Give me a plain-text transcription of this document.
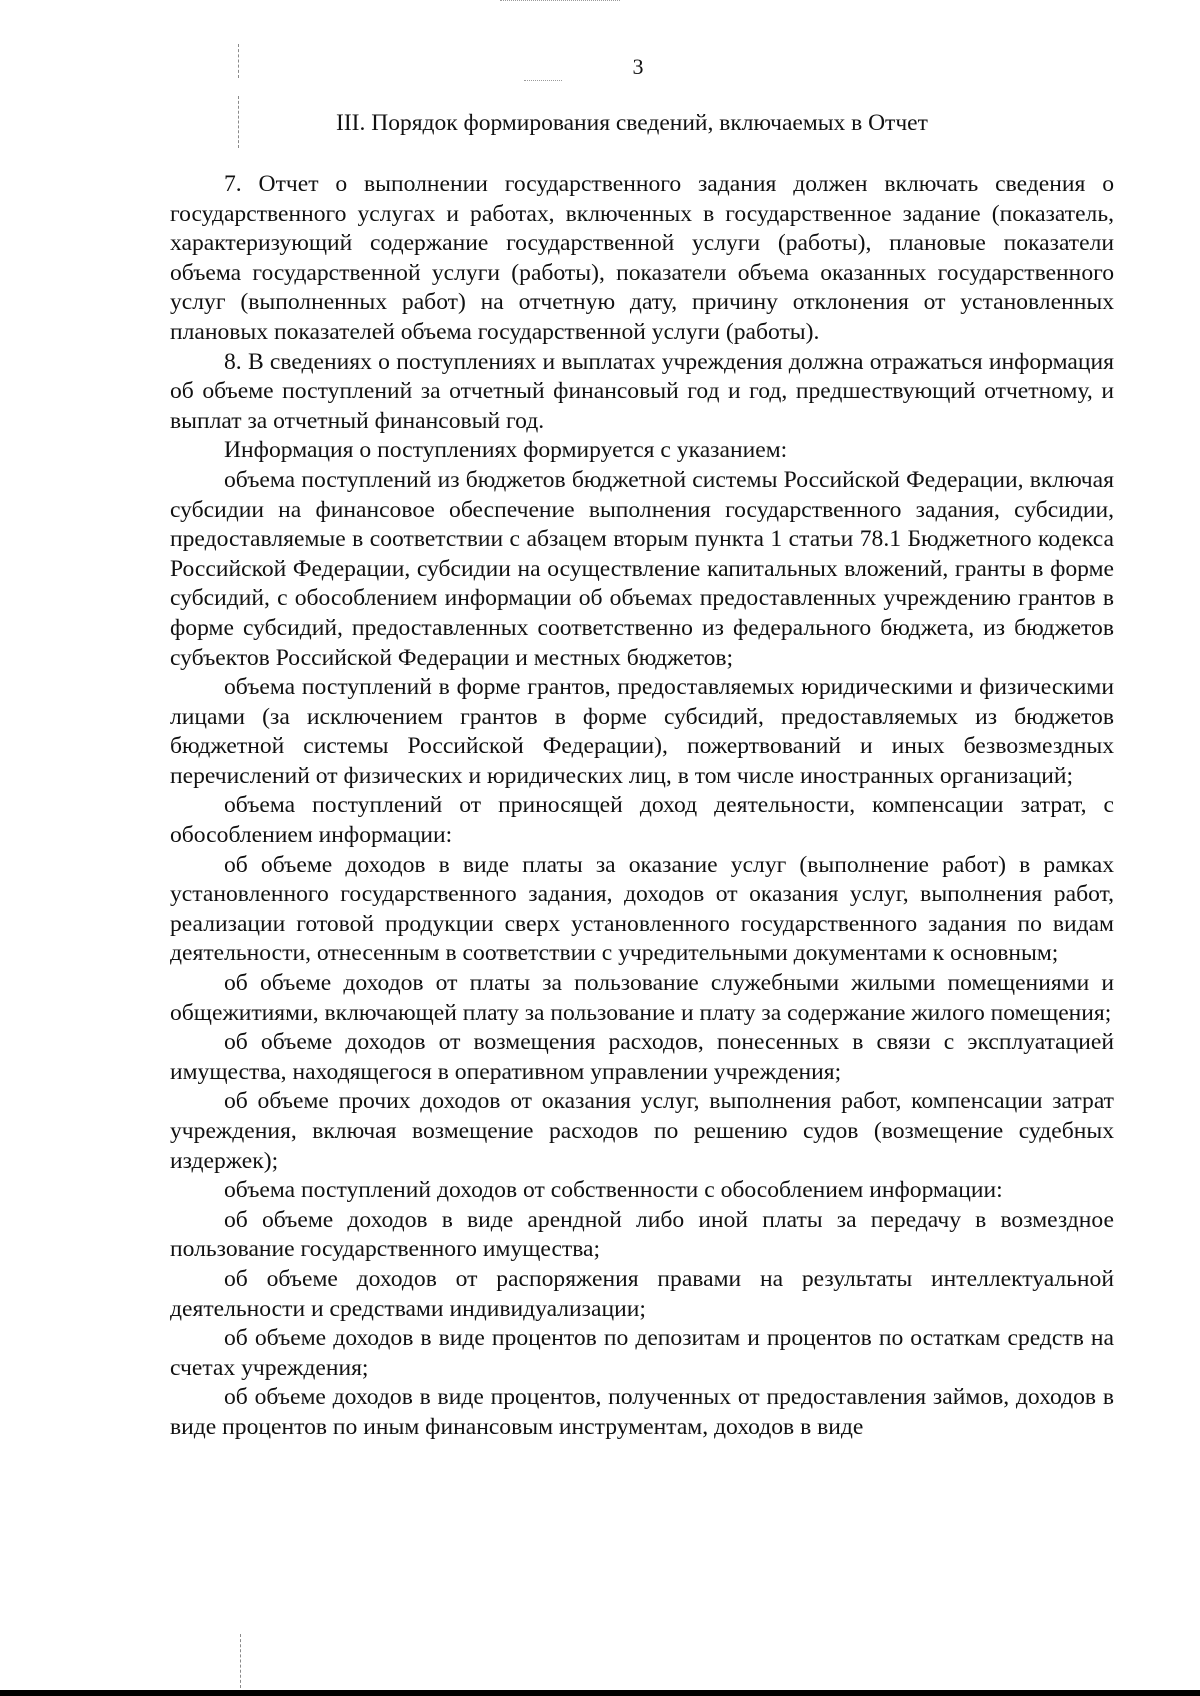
3
III. Порядок формирования сведений, включаемых в Отчет

7. Отчет о выполнении государственного задания должен включать сведения о государственного услугах и работах, включенных в государственное задание (показатель, характеризующий содержание государственной услуги (работы), плановые показатели объема государственной услуги (работы), показатели объема оказанных государственного услуг (выполненных работ) на отчетную дату, причину отклонения от установленных плановых показателей объема государственной услуги (работы).

8. В сведениях о поступлениях и выплатах учреждения должна отражаться информация об объеме поступлений за отчетный финансовый год и год, предшествующий отчетному, и выплат за отчетный финансовый год.

Информация о поступлениях формируется с указанием:

объема поступлений из бюджетов бюджетной системы Российской Федерации, включая субсидии на финансовое обеспечение выполнения государственного задания, субсидии, предоставляемые в соответствии с абзацем вторым пункта 1 статьи 78.1 Бюджетного кодекса Российской Федерации, субсидии на осуществление капитальных вложений, гранты в форме субсидий, с обособлением информации об объемах предоставленных учреждению грантов в форме субсидий, предоставленных соответственно из федерального бюджета, из бюджетов субъектов Российской Федерации и местных бюджетов;

объема поступлений в форме грантов, предоставляемых юридическими и физическими лицами (за исключением грантов в форме субсидий, предоставляемых из бюджетов бюджетной системы Российской Федерации), пожертвований и иных безвозмездных перечислений от физических и юридических лиц, в том числе иностранных организаций;

объема поступлений от приносящей доход деятельности, компенсации затрат, с обособлением информации:

об объеме доходов в виде платы за оказание услуг (выполнение работ) в рамках установленного государственного задания, доходов от оказания услуг, выполнения работ, реализации готовой продукции сверх установленного государственного задания по видам деятельности, отнесенным в соответствии с учредительными документами к основным;

об объеме доходов от платы за пользование служебными жилыми помещениями и общежитиями, включающей плату за пользование и плату за содержание жилого помещения;

об объеме доходов от возмещения расходов, понесенных в связи с эксплуатацией имущества, находящегося в оперативном управлении учреждения;

об объеме прочих доходов от оказания услуг, выполнения работ, компенсации затрат учреждения, включая возмещение расходов по решению судов (возмещение судебных издержек);

объема поступлений доходов от собственности с обособлением информации:

об объеме доходов в виде арендной либо иной платы за передачу в возмездное пользование государственного имущества;

об объеме доходов от распоряжения правами на результаты интеллектуальной деятельности и средствами индивидуализации;

об объеме доходов в виде процентов по депозитам и процентов по остаткам средств на счетах учреждения;

об объеме доходов в виде процентов, полученных от предоставления займов, доходов в виде процентов по иным финансовым инструментам, доходов в виде
